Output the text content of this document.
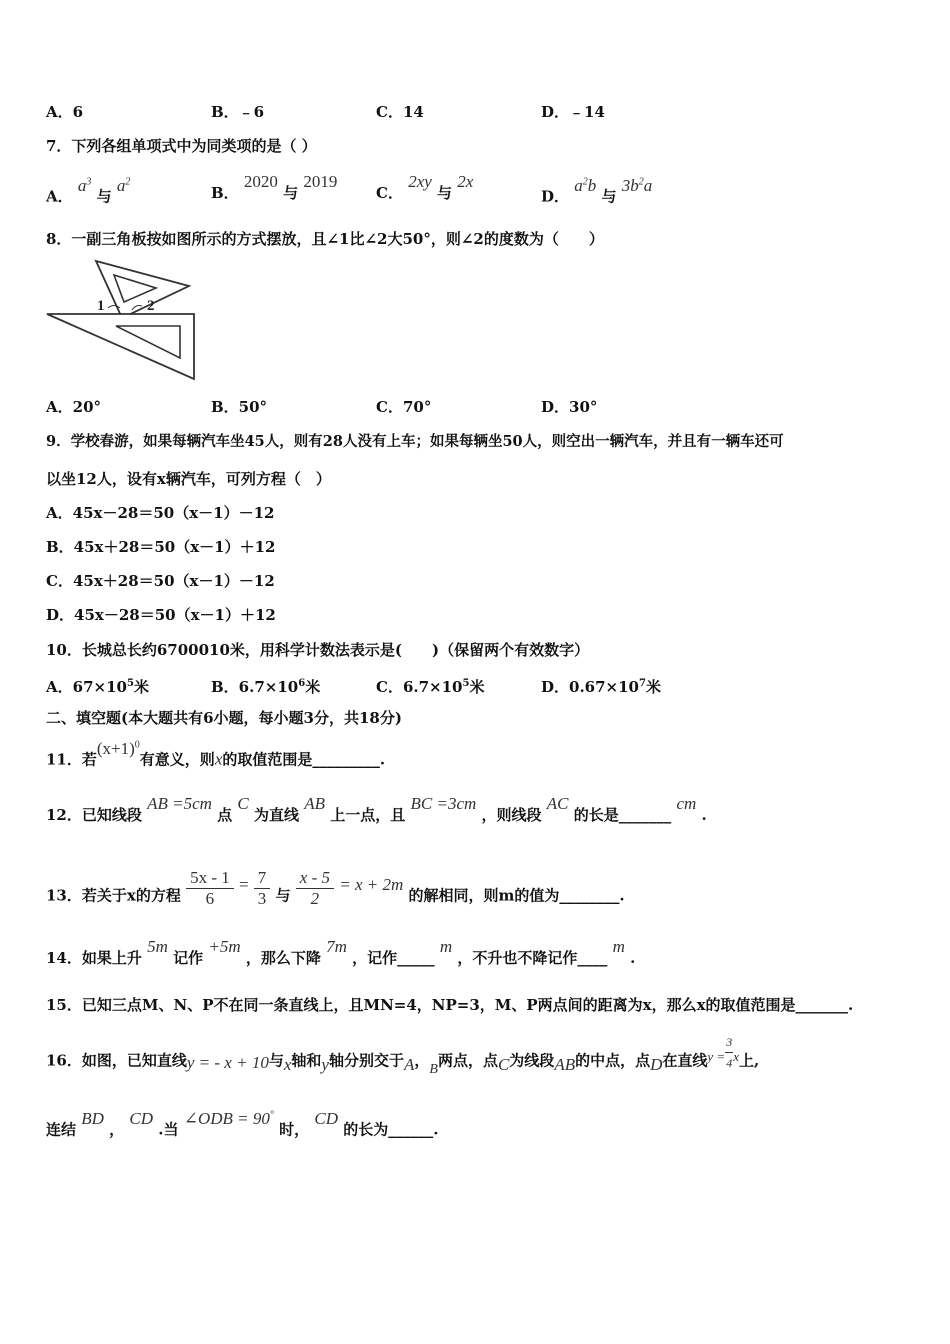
A．6	B．﹣6	C．14	D．﹣14
7．下列各组单项式中为同类项的是（ ）
A． $a^3$ 与 $a^2$
B． 2020 与 2019
C． 2xy 与 2x
D． $a^2b$ 与 $3b^2a$
8．一副三角板按如图所示的方式摆放，且∠1比∠2大50°，则∠2的度数为（　　）
1	2
A．20°	B．50°	C．70°	D．30°
9．学校春游，如果每辆汽车坐45人，则有28人没有上车；如果每辆坐50人，则空出一辆汽车，并且有一辆车还可
以坐12人，设有x辆汽车，可列方程（　）
A．45x－28＝50（x－1）－12
B．45x＋28＝50（x－1）＋12
C．45x＋28＝50（x－1）－12
D．45x－28＝50（x－1）＋12
10．长城总长约6700010米，用科学计数法表示是(　　)（保留两个有效数字）
A．$67\times 10^5$米	B．$6.7\times 10^6$米	C．$6.7\times 10^5$米	D．$0.67\times 10^7$米
二、填空题(本大题共有6小题，每小题3分，共18分)
11．若$(x+1)^0$有意义，则x的取值范围是_________.
12．已知线段 AB =5cm 点 C 为直线 AB 上一点，且 BC =3cm ，则线段 AC 的长是_______ cm .
13．若关于x的方程 $\frac{5x - 1}{6} = \frac{7}{3}$ 与 $\frac{x - 5}{2} = x + 2m$ 的解相同，则m的值为________.
14．如果上升 5m 记作 +5m ，那么下降 7m ，记作_____ m ，不升也不降记作____ m .
15．已知三点M、N、P不在同一条直线上，且MN=4，NP=3，M、P两点间的距离为x，那么x的取值范围是_______.
16．如图，已知直线y = - x + 10与x轴和y轴分别交于A，B两点，点C为线段AB的中点，点D在直线$y = \frac{3}{4}$ x上,
连结 BD ， CD .当 ∠ODB = 90° 时， CD 的长为______.
